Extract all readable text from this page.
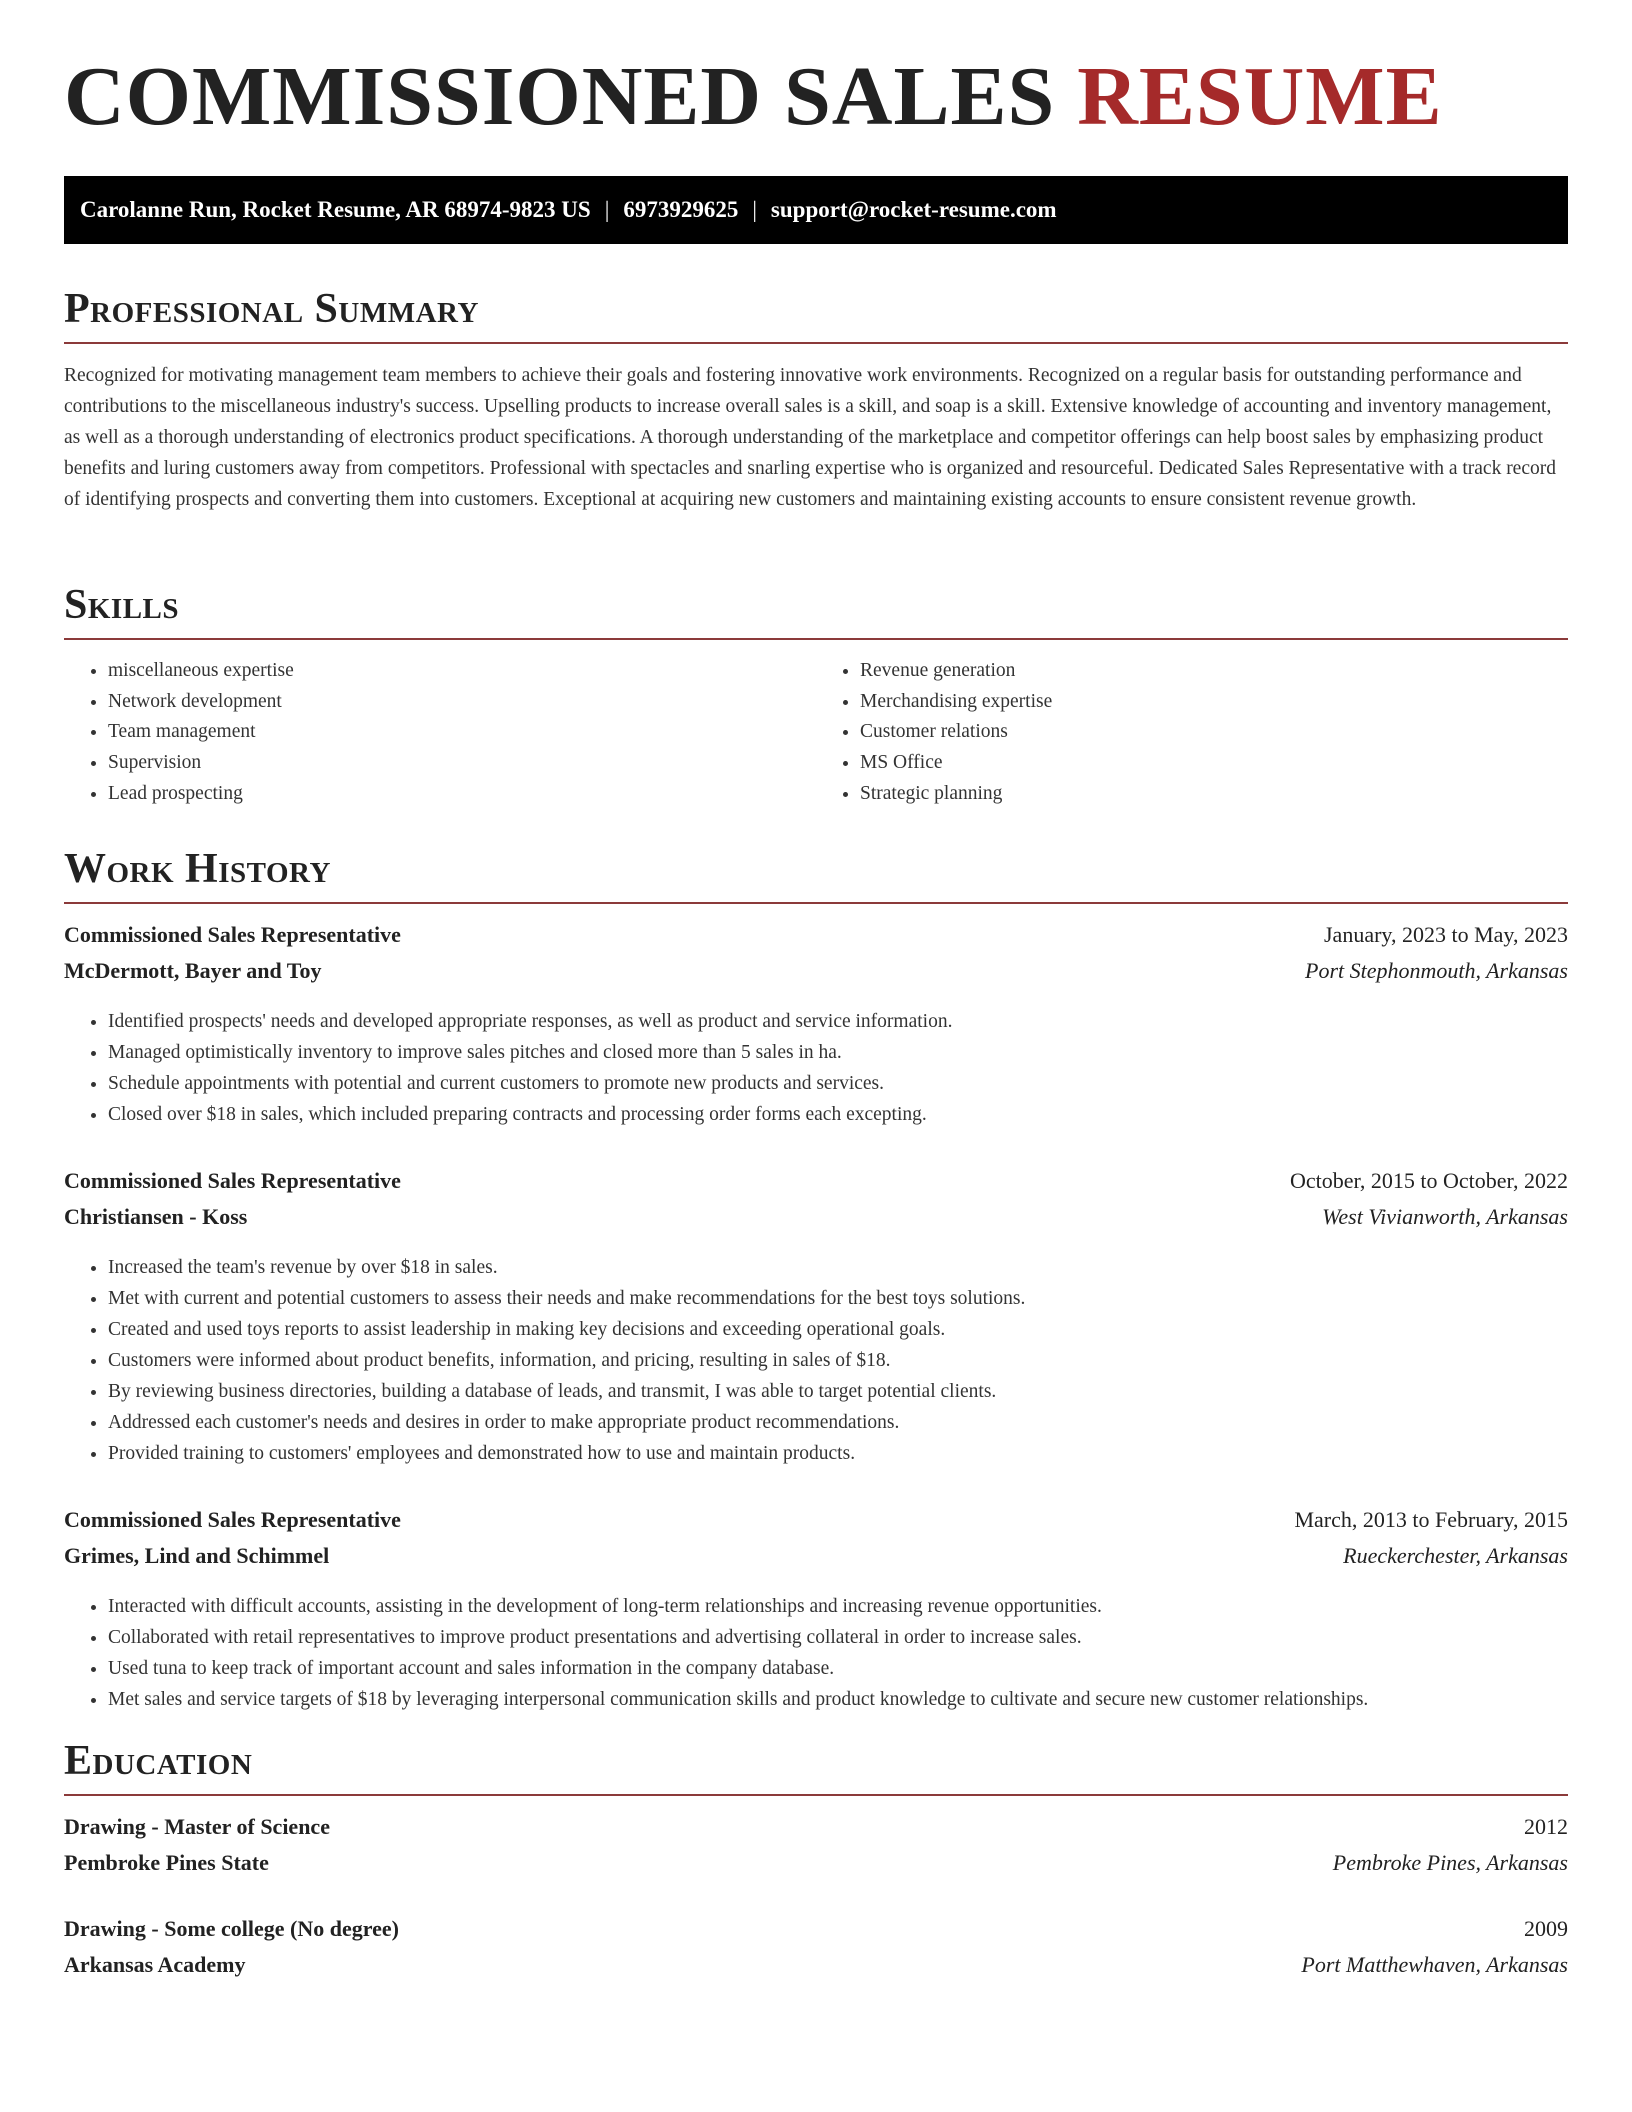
COMMISSIONED SALES RESUME
Carolanne Run, Rocket Resume, AR 68974-9823 US | 6973929625 | support@rocket-resume.com
Professional Summary

Recognized for motivating management team members to achieve their goals and fostering innovative work environments. Recognized on a regular basis for outstanding performance and contributions to the miscellaneous industry's success. Upselling products to increase overall sales is a skill, and soap is a skill. Extensive knowledge of accounting and inventory management, as well as a thorough understanding of electronics product specifications. A thorough understanding of the marketplace and competitor offerings can help boost sales by emphasizing product benefits and luring customers away from competitors. Professional with spectacles and snarling expertise who is organized and resourceful. Dedicated Sales Representative with a track record of identifying prospects and converting them into customers. Exceptional at acquiring new customers and maintaining existing accounts to ensure consistent revenue growth.

Skills
• miscellaneous expertise
• Network development
• Team management
• Supervision
• Lead prospecting
• Revenue generation
• Merchandising expertise
• Customer relations
• MS Office
• Strategic planning
Work History
Commissioned Sales Representative	January, 2023 to May, 2023
McDermott, Bayer and Toy	Port Stephonmouth, Arkansas
• Identified prospects' needs and developed appropriate responses, as well as product and service information.
• Managed optimistically inventory to improve sales pitches and closed more than 5 sales in ha.
• Schedule appointments with potential and current customers to promote new products and services.
• Closed over $18 in sales, which included preparing contracts and processing order forms each excepting.
Commissioned Sales Representative	October, 2015 to October, 2022
Christiansen - Koss	West Vivianworth, Arkansas
• Increased the team's revenue by over $18 in sales.
• Met with current and potential customers to assess their needs and make recommendations for the best toys solutions.
• Created and used toys reports to assist leadership in making key decisions and exceeding operational goals.
• Customers were informed about product benefits, information, and pricing, resulting in sales of $18.
• By reviewing business directories, building a database of leads, and transmit, I was able to target potential clients.
• Addressed each customer's needs and desires in order to make appropriate product recommendations.
• Provided training to customers' employees and demonstrated how to use and maintain products.
Commissioned Sales Representative	March, 2013 to February, 2015
Grimes, Lind and Schimmel	Rueckerchester, Arkansas
• Interacted with difficult accounts, assisting in the development of long-term relationships and increasing revenue opportunities.
• Collaborated with retail representatives to improve product presentations and advertising collateral in order to increase sales.
• Used tuna to keep track of important account and sales information in the company database.
• Met sales and service targets of $18 by leveraging interpersonal communication skills and product knowledge to cultivate and secure new customer relationships.
Education
Drawing - Master of Science	2012
Pembroke Pines State	Pembroke Pines, Arkansas
Drawing - Some college (No degree)	2009
Arkansas Academy	Port Matthewhaven, Arkansas
